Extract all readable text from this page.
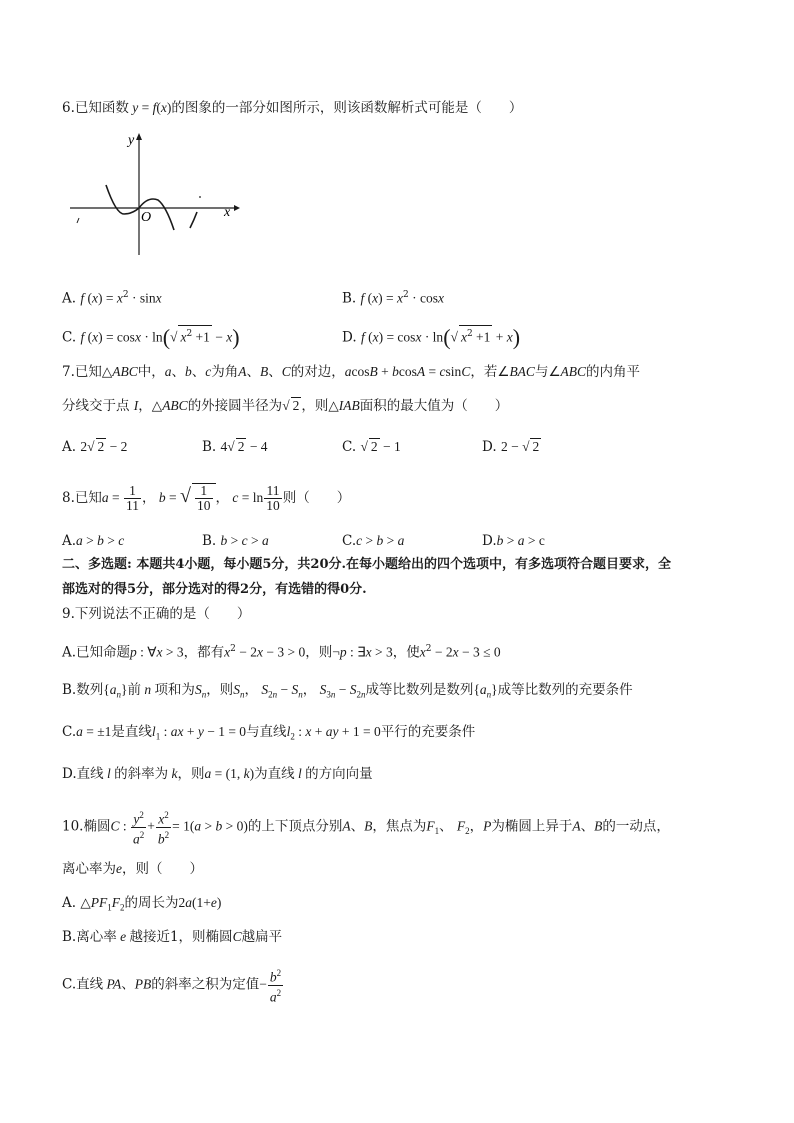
6.已知函数 y = f(x)的图象的一部分如图所示，则该函数解析式可能是（　　）
y
x
O
A. f $(x) = x^2 \cdot \sin x$	B. f $(x) = x^2 \cdot \cos x$
C. f (x) = cosx · ln(√ $x^2 +1 - x$)	D. f (x) = cosx · ln(√ $x^2 +1 + x$)
7.已知△ABC中，a、b、c为角A、B、C的对边，acosB + bcosA = csinC，若∠BAC与∠ABC的内角平
分线交于点 I，△ABC的外接圆半径为√ 2 ，则△IAB面积的最大值为（　　）
A. 2√ 2 − 2	B. 4√ 2 − 4	C. √ 2 − 1	D. 2 − √ 2
8.已知$a = \frac{1}{11}$ ， b = √ $\frac{1}{10}$ ， $c = \ln \frac{11}{10}$ 则（　　）
A.a > b > c	B. b > c > a	C.c > b > a	D.b > a > c
二、多选题: 本题共4小题，每小题5分，共20分.在每小题给出的四个选项中，有多选项符合题目要求，全
部选对的得5分，部分选对的得2分，有选错的得0分.
9.下列说法不正确的是（　　）
A.已知命题p : ∀x > 3，都有$x^2 - 2x - 3 > 0$，则¬p : ∃x > 3，使$x^2 - 2x - 3 \le 0$
B.数列$\{a_n\}$前 n 项和为$S_n$，则$S_n$， $S_{2n} - S_n$， $S_{3n} - S_{2n}$成等比数列是数列$\{a_n\}$成等比数列的充要条件
C.a = ±1是直线$l_1$ : ax + y − 1 = 0与直线$l_2$ : x + ay + 1 = 0平行的充要条件
D.直线 l 的斜率为 k，则a = (1, k)为直线 l 的方向向量
10.椭圆C : $\frac{y^2}{a^2} + \frac{x^2}{b^2} = 1(a > b > 0)$的上下顶点分别A、B，焦点为$F_1$、 $F_2$，P为椭圆上异于A、B的一动点，
离心率为e，则（　　）
A. $\triangle PF_1F_2$的周长为2a(1+e)
B.离心率 e 越接近1，则椭圆C越扁平
C.直线 PA、PB的斜率之积为定值− $\frac{b^2}{a^2}$
